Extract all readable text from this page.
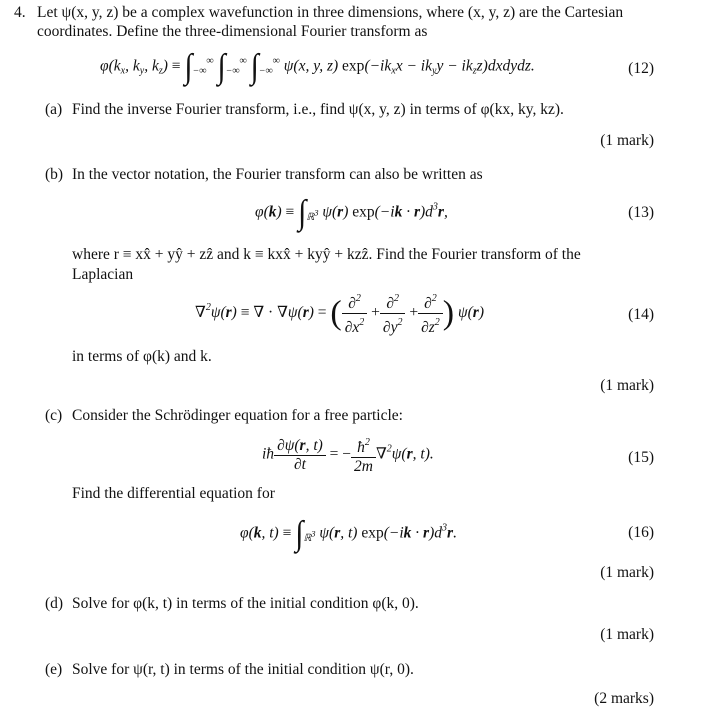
4. Let ψ(x, y, z) be a complex wavefunction in three dimensions, where (x, y, z) are the Cartesian
coordinates. Define the three-dimensional Fourier transform as
$\varphi(k_x$, $k_y$, $k_z) \equiv \int_{-\infty}^\infty$ $\int_{-\infty}^\infty$ $\int_{-\infty}^\infty$ ψ(x, y, z) $\exp(-ik_xx - ik_yy$ − $ik_zz)dxdydz$.	(12)
(a) Find the inverse Fourier transform, i.e., find ψ(x, y, z) in terms of φ(kx, ky, kz).
(1 mark)
(b) In the vector notation, the Fourier transform can also be written as
$\varphi(k) \equiv \int_{ℝ^3}$ ψ(r) $\exp(-ik \cdot r)d^3r$,	(13)
where r ≡ xx̂ + yŷ + zẑ and k ≡ kxx̂ + kyŷ + kzẑ. Find the Fourier transform of the
Laplacian
∇$^2$ψ(r) ≡ ∇ · ∇ψ(r) = ( $\frac{\partial^2}{\partial x^2} + \frac{\partial^2}{\partial y^2} + \frac{\partial^2}{\partial z^2}$ ) ψ(r)	(14)
in terms of φ(k) and k.
(1 mark)
(c) Consider the Schrödinger equation for a free particle:
iħ $\frac{\partial\psi(r, t)}{\partial t}$ = − $\frac{ħ^2}{2m} \nabla^2\psi(r$, t).	(15)
Find the differential equation for
φ(k, $t) \equiv \int_{ℝ^3}$ ψ(r, t) $\exp(-ik \cdot r)d^3r$.	(16)
(1 mark)
(d) Solve for φ(k, t) in terms of the initial condition φ(k, 0).
(1 mark)
(e) Solve for ψ(r, t) in terms of the initial condition ψ(r, 0).
(2 marks)
